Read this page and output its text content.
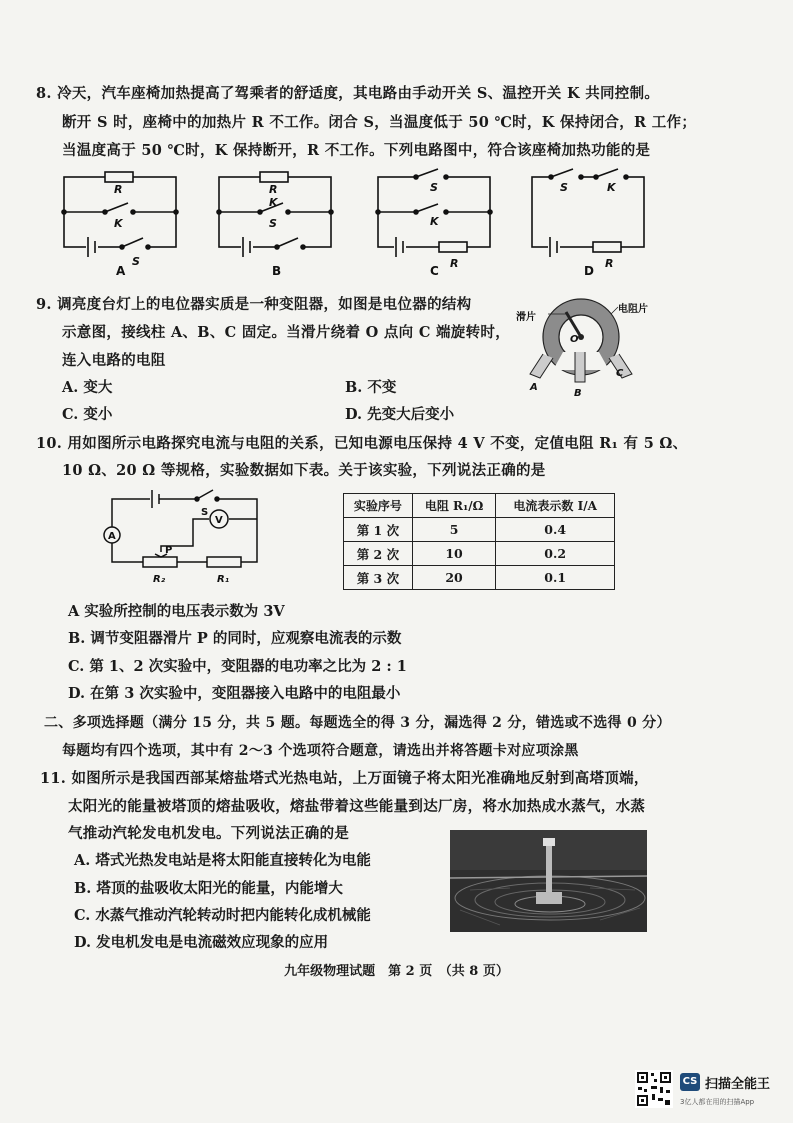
8. 冷天，汽车座椅加热提高了驾乘者的舒适度，其电路由手动开关 S、温控开关 K 共同控制。
断开 S 时，座椅中的加热片 R 不工作。闭合 S，当温度低于 50 ℃时，K 保持闭合，R 工作；
当温度高于 50 ℃时，K 保持断开，R 不工作。下列电路图中，符合该座椅加热功能的是
R
K
S
R
K
S
S
K
R
S	K
R
A	B	C	D
9. 调亮度台灯上的电位器实质是一种变阻器，如图是电位器的结构
示意图，接线柱 A、B、C 固定。当滑片绕着 O 点向 C 端旋转时，
连入电路的电阻
A. 变大	B. 不变
C. 变小	D. 先变大后变小
滑片
电阻片
O
A
B
C
10. 用如图所示电路探究电流与电阻的关系，已知电源电压保持 4 V 不变，定值电阻 R₁ 有 5 Ω、
10 Ω、20 Ω 等规格，实验数据如下表。关于该实验，下列说法正确的是
A
V
S
P
R₂	R₁
实验序号	电阻 R₁/Ω	电流表示数 I/A
第 1 次	5	0.4
第 2 次	10	0.2
第 3 次	20	0.1
A 实验所控制的电压表示数为 3V
B. 调节变阻器滑片 P 的同时，应观察电流表的示数
C. 第 1、2 次实验中，变阻器的电功率之比为 2 : 1
D. 在第 3 次实验中，变阻器接入电路中的电阻最小
二、多项选择题（满分 15 分，共 5 题。每题选全的得 3 分，漏选得 2 分，错选或不选得 0 分）
每题均有四个选项，其中有 2～3 个选项符合题意，请选出并将答题卡对应项涂黑
11. 如图所示是我国西部某熔盐塔式光热电站，上万面镜子将太阳光准确地反射到高塔顶端，
太阳光的能量被塔顶的熔盐吸收，熔盐带着这些能量到达厂房，将水加热成水蒸气，水蒸
气推动汽轮发电机发电。下列说法正确的是
A. 塔式光热发电站是将太阳能直接转化为电能
B. 塔顶的盐吸收太阳光的能量，内能增大
C. 水蒸气推动汽轮转动时把内能转化成机械能
D. 发电机发电是电流磁效应现象的应用
九年级物理试题　第 2 页　（共 8 页）
CS 扫描全能王
3亿人都在用的扫描App
